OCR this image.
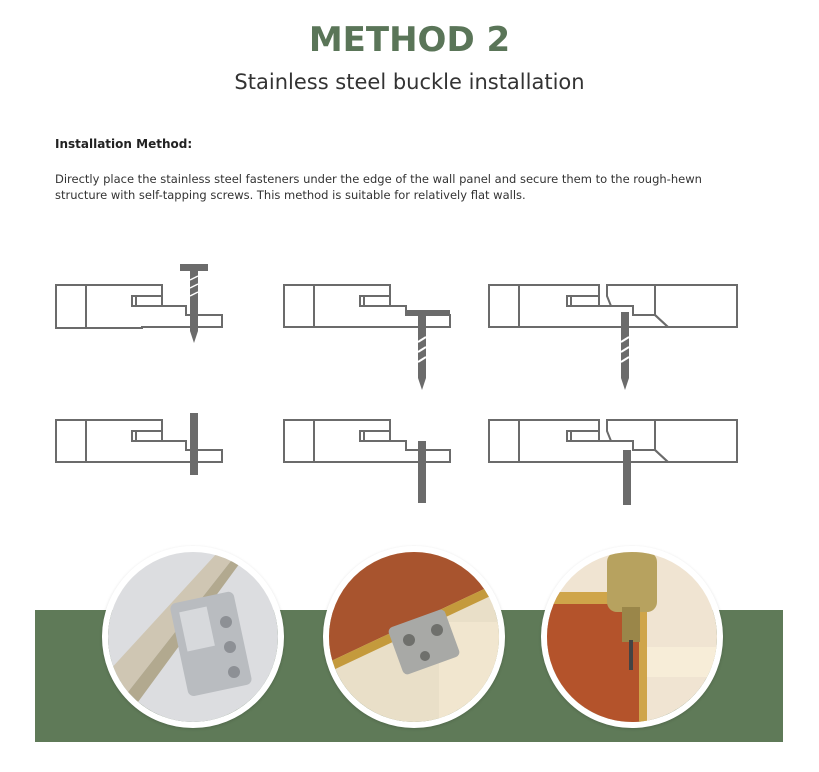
METHOD 2
Stainless steel buckle installation
Installation Method:
Directly place the stainless steel fasteners under the edge of the wall panel and secure them to the rough-hewn structure with self-tapping screws. This method is suitable for relatively flat walls.
